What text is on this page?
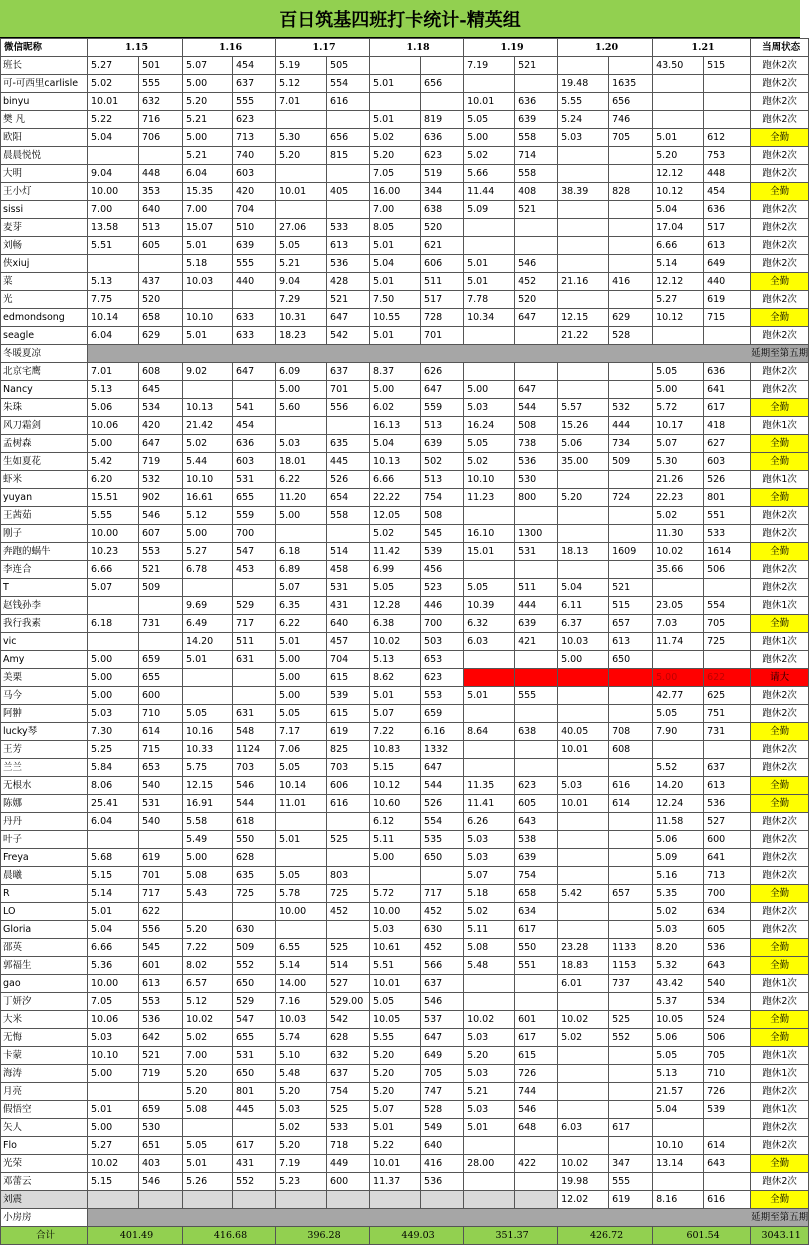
百日筑基四班打卡统计-精英组
微信昵称	1.15		1.16		1.17		1.18		1.19		1.20		1.21		当周状态
班长	5.27	501	5.07	454	5.19	505			7.19	521			43.50	515	跑休2次
可-可西里carlisle	5.02	555	5.00	637	5.12	554	5.01	656			19.48	1635			跑休2次
binyu	10.01	632	5.20	555	7.01	616			10.01	636	5.55	656			跑休2次
樊 凡	5.22	716	5.21	623			5.01	819	5.05	639	5.24	746			跑休2次
欧阳	5.04	706	5.00	713	5.30	656	5.02	636	5.00	558	5.03	705	5.01	612	全勤
晨晨悦悦			5.21	740	5.20	815	5.20	623	5.02	714			5.20	753	跑休2次
大明	9.04	448	6.04	603			7.05	519	5.66	558			12.12	448	跑休2次
王小灯	10.00	353	15.35	420	10.01	405	16.00	344	11.44	408	38.39	828	10.12	454	全勤
sissi	7.00	640	7.00	704			7.00	638	5.09	521			5.04	636	跑休2次
麦芽	13.58	513	15.07	510	27.06	533	8.05	520					17.04	517	跑休2次
刘畅	5.51	605	5.01	639	5.05	613	5.01	621					6.66	613	跑休2次
侠xiuj			5.18	555	5.21	536	5.04	606	5.01	546			5.14	649	跑休2次
菜	5.13	437	10.03	440	9.04	428	5.01	511	5.01	452	21.16	416	12.12	440	全勤
光	7.75	520			7.29	521	7.50	517	7.78	520			5.27	619	跑休2次
edmondsong	10.14	658	10.10	633	10.31	647	10.55	728	10.34	647	12.15	629	10.12	715	全勤
seagle	6.04	629	5.01	633	18.23	542	5.01	701			21.22	528			跑休2次
冬暖夏凉	延期至第五期														
北京宅鹰	7.01	608	9.02	647	6.09	637	8.37	626					5.05	636	跑休2次
Nancy	5.13	645			5.00	701	5.00	647	5.00	647			5.00	641	跑休2次
朱珠	5.06	534	10.13	541	5.60	556	6.02	559	5.03	544	5.57	532	5.72	617	全勤
风刀霜剑	10.06	420	21.42	454			16.13	513	16.24	508	15.26	444	10.17	418	跑休1次
孟树森	5.00	647	5.02	636	5.03	635	5.04	639	5.05	738	5.06	734	5.07	627	全勤
生如夏花	5.42	719	5.44	603	18.01	445	10.13	502	5.02	536	35.00	509	5.30	603	全勤
虾米	6.20	532	10.10	531	6.22	526	6.66	513	10.10	530			21.26	526	跑休1次
yuyan	15.51	902	16.61	655	11.20	654	22.22	754	11.23	800	5.20	724	22.23	801	全勤
王茜茹	5.55	546	5.12	559	5.00	558	12.05	508					5.02	551	跑休2次
刚子	10.00	607	5.00	700			5.02	545	16.10	1300			11.30	533	跑休2次
奔跑的蜗牛	10.23	553	5.27	547	6.18	514	11.42	539	15.01	531	18.13	1609	10.02	1614	全勤
李连合	6.66	521	6.78	453	6.89	458	6.99	456					35.66	506	跑休2次
T	5.07	509			5.07	531	5.05	523	5.05	511	5.04	521			跑休2次
赵钱孙李			9.69	529	6.35	431	12.28	446	10.39	444	6.11	515	23.05	554	跑休1次
我行我素	6.18	731	6.49	717	6.22	640	6.38	700	6.32	639	6.37	657	7.03	705	全勤
vic			14.20	511	5.01	457	10.02	503	6.03	421	10.03	613	11.74	725	跑休1次
Amy	5.00	659	5.01	631	5.00	704	5.13	653			5.00	650			跑休2次
美栗	5.00	655			5.00	615	8.62	623					5.00	622	请大
马今	5.00	600			5.00	539	5.01	553	5.01	555			42.77	625	跑休2次
阿翀	5.03	710	5.05	631	5.05	615	5.07	659					5.05	751	跑休2次
lucky琴	7.30	614	10.16	548	7.17	619	7.22	6.16	8.64	638	40.05	708	7.90	731	全勤
王芳	5.25	715	10.33	1124	7.06	825	10.83	1332			10.01	608			跑休2次
兰兰	5.84	653	5.75	703	5.05	703	5.15	647					5.52	637	跑休2次
无根水	8.06	540	12.15	546	10.14	606	10.12	544	11.35	623	5.03	616	14.20	613	全勤
陈娜	25.41	531	16.91	544	11.01	616	10.60	526	11.41	605	10.01	614	12.24	536	全勤
丹丹	6.04	540	5.58	618			6.12	554	6.26	643			11.58	527	跑休2次
叶子			5.49	550	5.01	525	5.11	535	5.03	538			5.06	600	跑休2次
Freya	5.68	619	5.00	628			5.00	650	5.03	639			5.09	641	跑休2次
晨曦	5.15	701	5.08	635	5.05	803			5.07	754			5.16	713	跑休2次
R	5.14	717	5.43	725	5.78	725	5.72	717	5.18	658	5.42	657	5.35	700	全勤
LO	5.01	622			10.00	452	10.00	452	5.02	634			5.02	634	跑休2次
Gloria	5.04	556	5.20	630			5.03	630	5.11	617			5.03	605	跑休2次
邵英	6.66	545	7.22	509	6.55	525	10.61	452	5.08	550	23.28	1133	8.20	536	全勤
郭福生	5.36	601	8.02	552	5.14	514	5.51	566	5.48	551	18.83	1153	5.32	643	全勤
gao	10.00	613	6.57	650	14.00	527	10.01	637			6.01	737	43.42	540	跑休1次
丁妍汐	7.05	553	5.12	529	7.16	529.00	5.05	546					5.37	534	跑休2次
大米	10.06	536	10.02	547	10.03	542	10.05	537	10.02	601	10.02	525	10.05	524	全勤
无悔	5.03	642	5.02	655	5.74	628	5.55	647	5.03	617	5.02	552	5.06	506	全勤
卡蒙	10.10	521	7.00	531	5.10	632	5.20	649	5.20	615			5.05	705	跑休1次
海涛	5.00	719	5.20	650	5.48	637	5.20	705	5.03	726			5.13	710	跑休1次
月亮			5.20	801	5.20	754	5.20	747	5.21	744			21.57	726	跑休2次
假悟空	5.01	659	5.08	445	5.03	525	5.07	528	5.03	546			5.04	539	跑休1次
矢人	5.00	530			5.02	533	5.01	549	5.01	648	6.03	617			跑休2次
Flo	5.27	651	5.05	617	5.20	718	5.22	640					10.10	614	跑休2次
光荣	10.02	403	5.01	431	7.19	449	10.01	416	28.00	422	10.02	347	13.14	643	全勤
邓蕾云	5.15	546	5.26	552	5.23	600	11.37	536			19.98	555			跑休2次
刘震											12.02	619	8.16	616	全勤
小房房	延期至第五期														
合计	401.49		416.68		396.28		449.03		351.37		426.72		601.54		3043.11
